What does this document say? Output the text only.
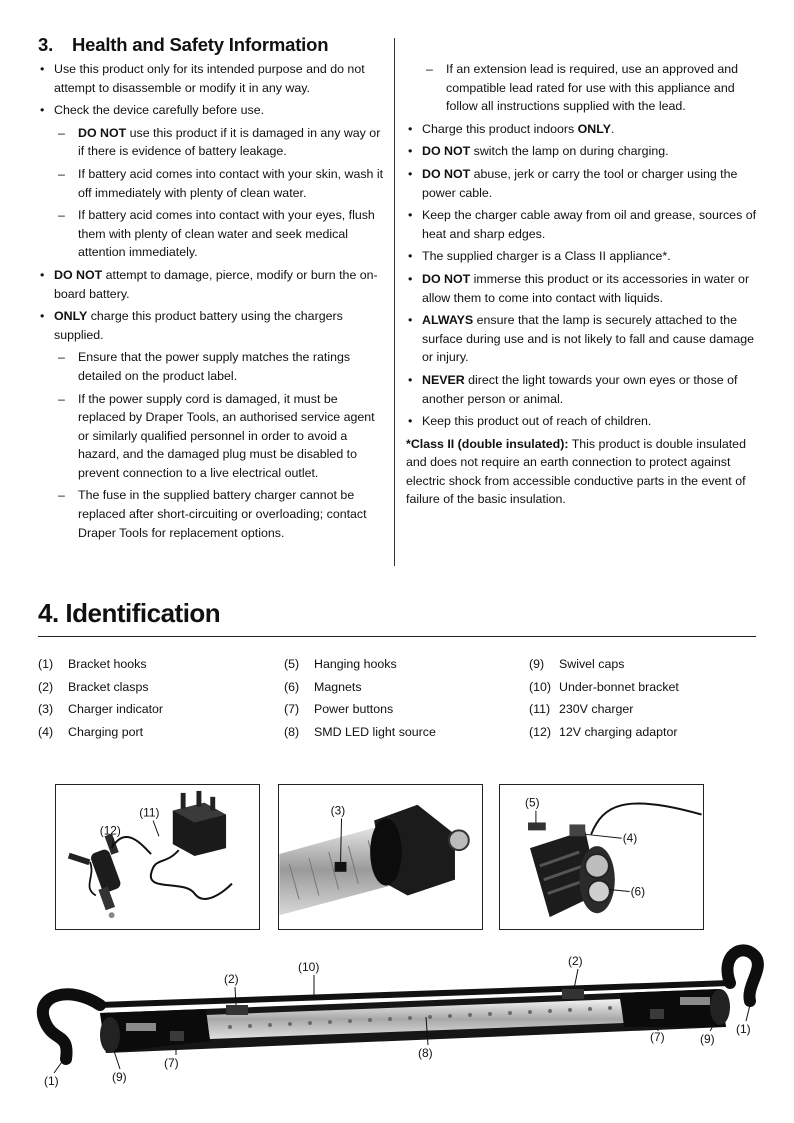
3. Health and Safety Information
• Use this product only for its intended purpose and do not attempt to disassemble or modify it in any way.
• Check the device carefully before use.
– DO NOT use this product if it is damaged in any way or if there is evidence of battery leakage.
– If battery acid comes into contact with your skin, wash it off immediately with plenty of clean water.
– If battery acid comes into contact with your eyes, flush them with plenty of clean water and seek medical attention immediately.
• DO NOT attempt to damage, pierce, modify or burn the on-board battery.
• ONLY charge this product battery using the chargers supplied.
– Ensure that the power supply matches the ratings detailed on the product label.
– If the power supply cord is damaged, it must be replaced by Draper Tools, an authorised service agent or similarly qualified personnel in order to avoid a hazard, and the damaged plug must be disabled to prevent connection to a live electrical outlet.
– The fuse in the supplied battery charger cannot be replaced after short-circuiting or overloading; contact Draper Tools for replacement options.
– If an extension lead is required, use an approved and compatible lead rated for use with this appliance and follow all instructions supplied with the lead.
• Charge this product indoors ONLY.
• DO NOT switch the lamp on during charging.
• DO NOT abuse, jerk or carry the tool or charger using the power cable.
• Keep the charger cable away from oil and grease, sources of heat and sharp edges.
• The supplied charger is a Class II appliance*.
• DO NOT immerse this product or its accessories in water or allow them to come into contact with liquids.
• ALWAYS ensure that the lamp is securely attached to the surface during use and is not likely to fall and cause damage or injury.
• NEVER direct the light towards your own eyes or those of another person or animal.
• Keep this product out of reach of children.
*Class II (double insulated): This product is double insulated and does not require an earth connection to protect against electric shock from accessible conductive parts in the event of failure of the basic insulation.
4. Identification
(1) Bracket hooks
(2) Bracket clasps
(3) Charger indicator
(4) Charging port
(5) Hanging hooks
(6) Magnets
(7) Power buttons
(8) SMD LED light source
(9) Swivel caps
(10) Under-bonnet bracket
(11) 230V charger
(12) 12V charging adaptor
(11)
(12)
(3)
(5)
(4)
(6)
(2)
(10)	(2)
(8)
(7)
(7)	(9)
(1)
(9)
(1)
